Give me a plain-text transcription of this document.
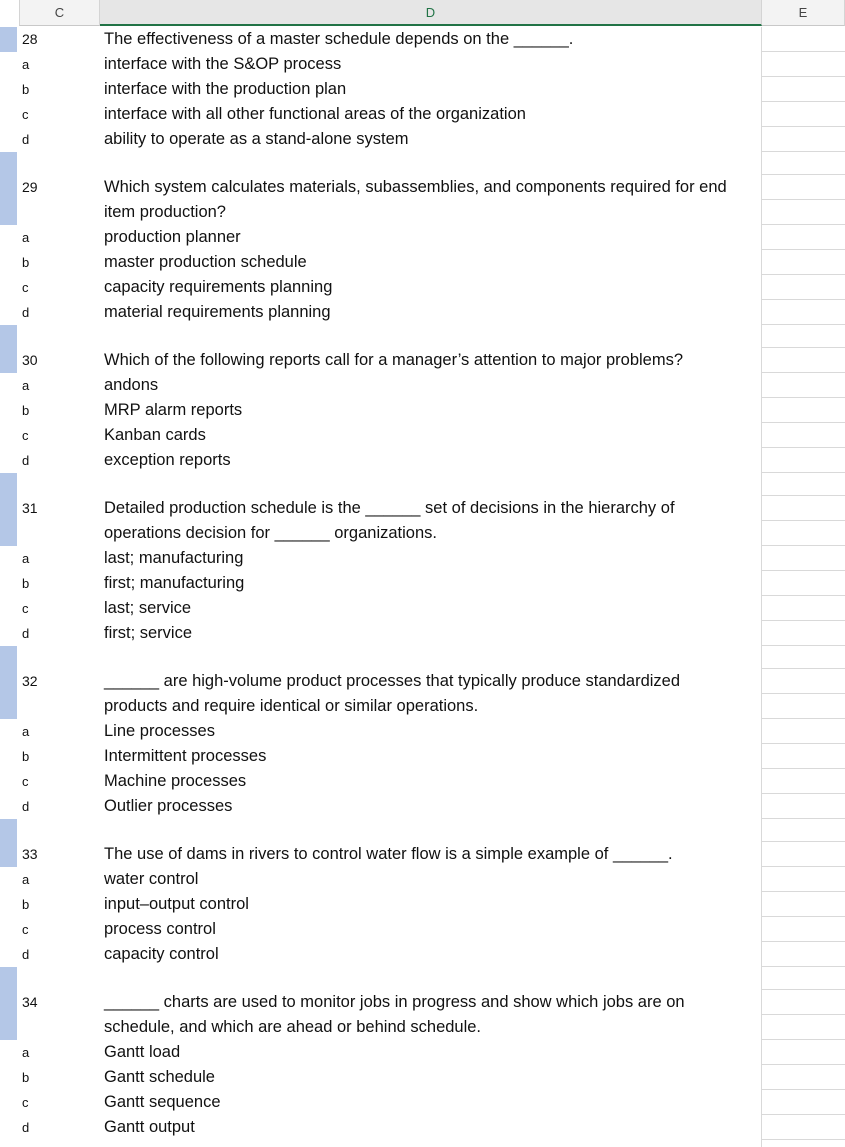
C	D	E
28	The effectiveness of a master schedule depends on the ______.
a	interface with the S&OP process
b	interface with the production plan
c	interface with all other functional areas of the organization
d	ability to operate as a stand-alone system
29	Which system calculates materials, subassemblies, and components required for end
item production?
a	production planner
b	master production schedule
c	capacity requirements planning
d	material requirements planning
30	Which of the following reports call for a manager’s attention to major problems?
a	andons
b	MRP alarm reports
c	Kanban cards
d	exception reports
31	Detailed production schedule is the ______ set of decisions in the hierarchy of
operations decision for ______ organizations.
a	last; manufacturing
b	first; manufacturing
c	last; service
d	first; service
32	______ are high-volume product processes that typically produce standardized
products and require identical or similar operations.
a	Line processes
b	Intermittent processes
c	Machine processes
d	Outlier processes
33	The use of dams in rivers to control water flow is a simple example of ______.
a	water control
b	input–output control
c	process control
d	capacity control
34	______ charts are used to monitor jobs in progress and show which jobs are on
schedule, and which are ahead or behind schedule.
a	Gantt load
b	Gantt schedule
c	Gantt sequence
d	Gantt output
